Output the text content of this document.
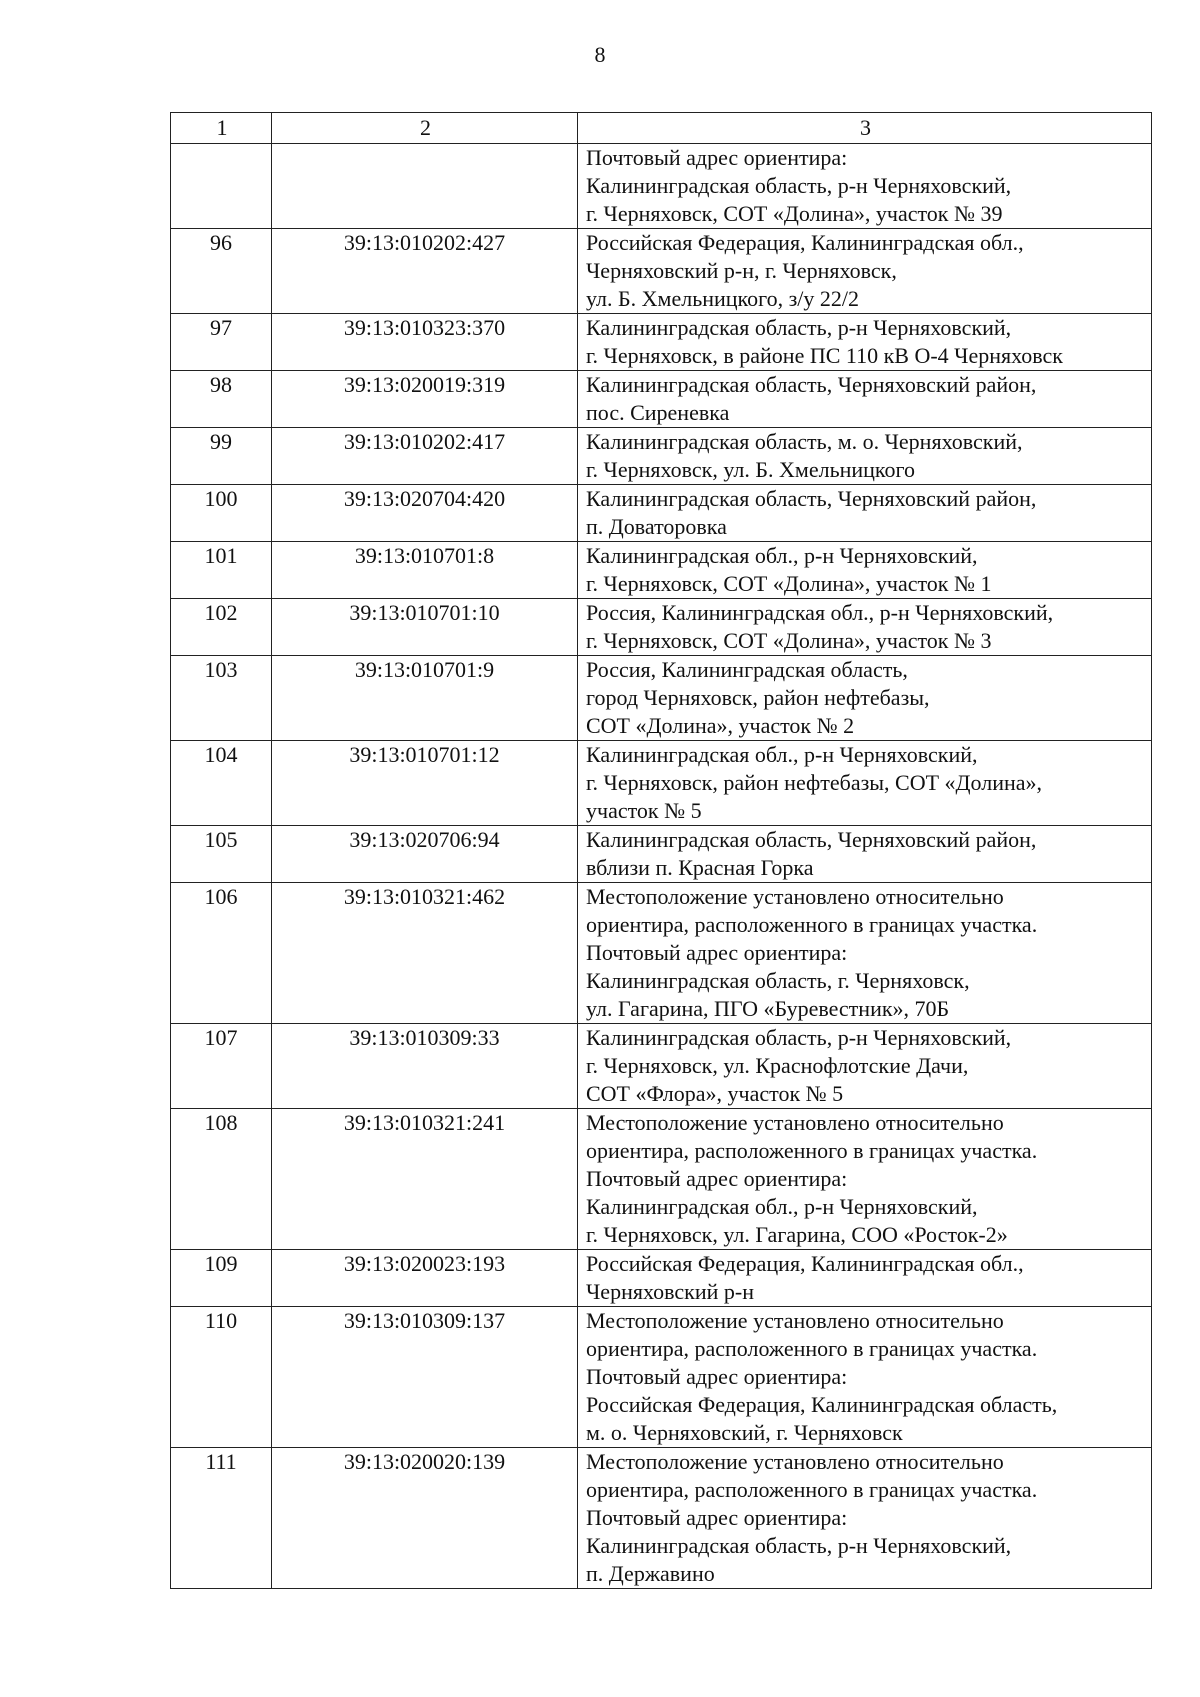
8
1	2	3

		Почтовый адрес ориентира:
Калининградская область, р-н Черняховский,
г. Черняховск, СОТ «Долина», участок № 39

96	39:13:010202:427	Российская Федерация, Калининградская обл.,
Черняховский р-н, г. Черняховск,
ул. Б. Хмельницкого, з/у 22/2

97	39:13:010323:370	Калининградская область, р-н Черняховский,
г. Черняховск, в районе ПС 110 кВ О-4 Черняховск

98	39:13:020019:319	Калининградская область, Черняховский район,
пос. Сиреневка

99	39:13:010202:417	Калининградская область, м. о. Черняховский,
г. Черняховск, ул. Б. Хмельницкого

100	39:13:020704:420	Калининградская область, Черняховский район,
п. Доваторовка

101	39:13:010701:8	Калининградская обл., р-н Черняховский,
г. Черняховск, СОТ «Долина», участок № 1

102	39:13:010701:10	Россия, Калининградская обл., р-н Черняховский,
г. Черняховск, СОТ «Долина», участок № 3

103	39:13:010701:9	Россия, Калининградская область,
город Черняховск, район нефтебазы,
СОТ «Долина», участок № 2

104	39:13:010701:12	Калининградская обл., р-н Черняховский,
г. Черняховск, район нефтебазы, СОТ «Долина»,
участок № 5

105	39:13:020706:94	Калининградская область, Черняховский район,
вблизи п. Красная Горка

106	39:13:010321:462	Местоположение установлено относительно
ориентира, расположенного в границах участка.
Почтовый адрес ориентира:
Калининградская область, г. Черняховск,
ул. Гагарина, ПГО «Буревестник», 70Б

107	39:13:010309:33	Калининградская область, р-н Черняховский,
г. Черняховск, ул. Краснофлотские Дачи,
СОТ «Флора», участок № 5

108	39:13:010321:241	Местоположение установлено относительно
ориентира, расположенного в границах участка.
Почтовый адрес ориентира:
Калининградская обл., р-н Черняховский,
г. Черняховск, ул. Гагарина, СОО «Росток-2»

109	39:13:020023:193	Российская Федерация, Калининградская обл.,
Черняховский р-н

110	39:13:010309:137	Местоположение установлено относительно
ориентира, расположенного в границах участка.
Почтовый адрес ориентира:
Российская Федерация, Калининградская область,
м. о. Черняховский, г. Черняховск

111	39:13:020020:139	Местоположение установлено относительно
ориентира, расположенного в границах участка.
Почтовый адрес ориентира:
Калининградская область, р-н Черняховский,
п. Державино
